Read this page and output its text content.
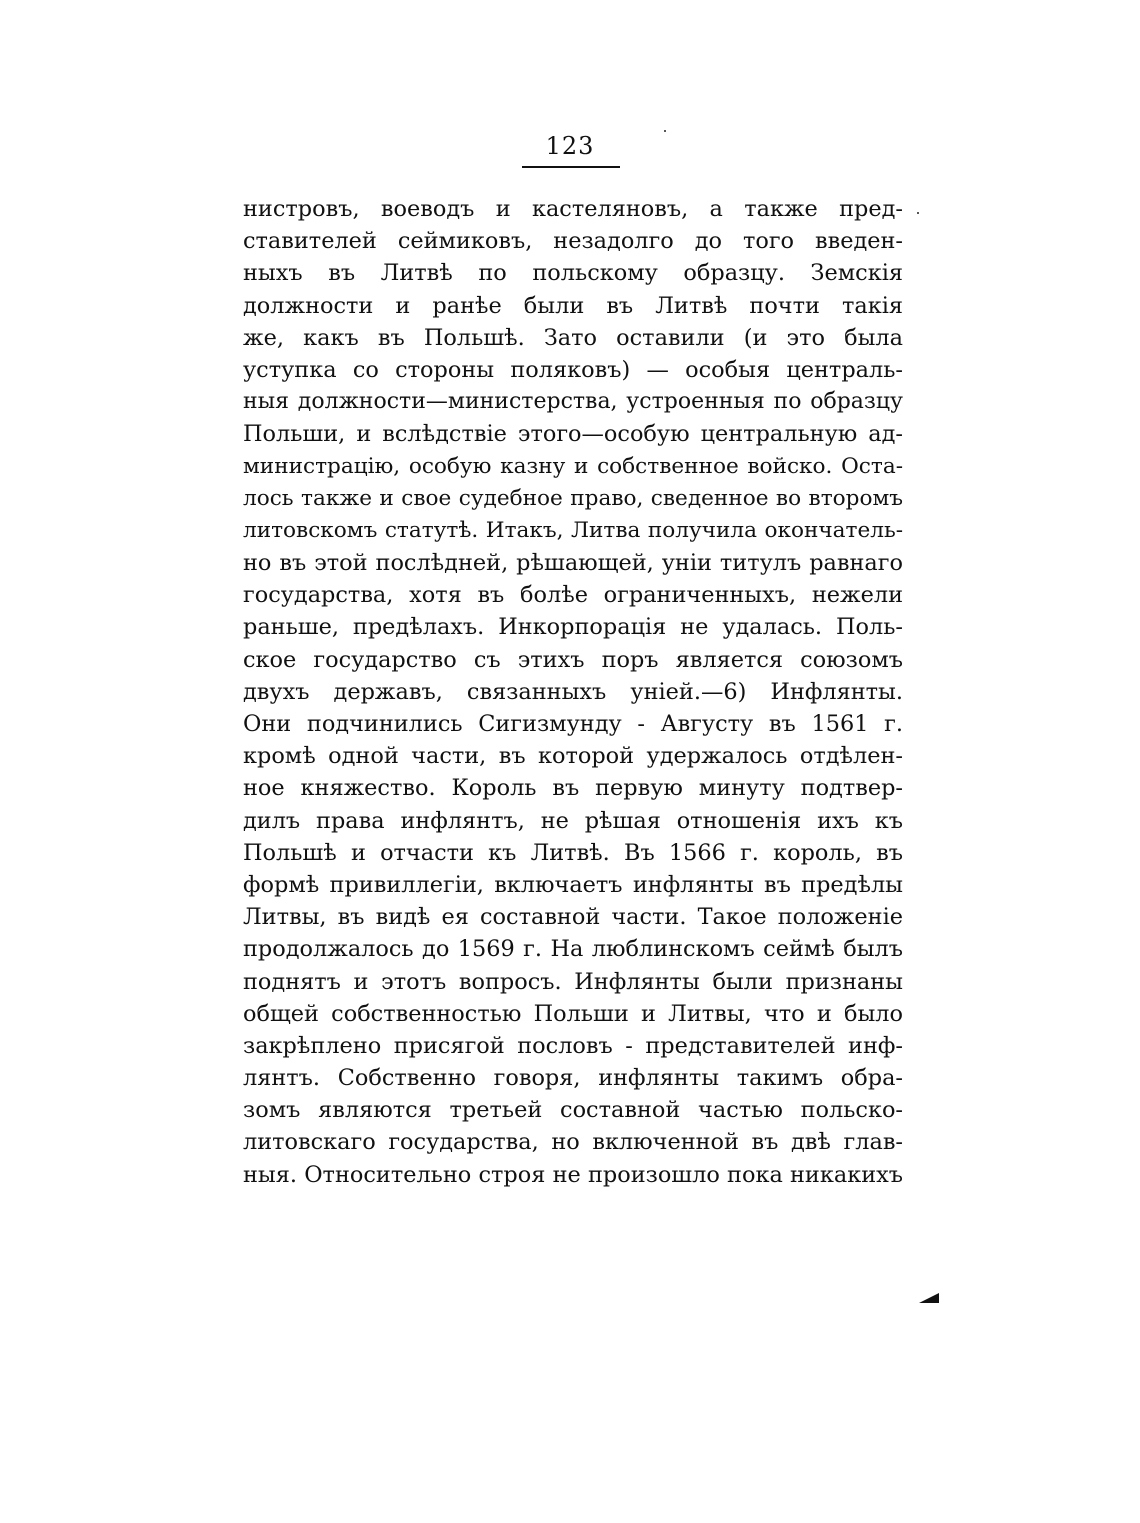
123
нистровъ, воеводъ и кастеляновъ, а также пред-
ставителей сеймиковъ, незадолго до того введен-
ныхъ въ Литвѣ по польскому образцу. Земскія
должности и ранѣе были въ Литвѣ почти такія
же, какъ въ Польшѣ. Зато оставили (и это была
уступка со стороны поляковъ) — особыя централь-
ныя должности—министерства, устроенныя по образцу
Польши, и вслѣдствіе этого—особую центральную ад-
министрацію, особую казну и собственное войско. Оста-
лось также и свое судебное право, сведенное во второмъ
литовскомъ статутѣ. Итакъ, Литва получила окончатель-
но въ этой послѣдней, рѣшающей, уніи титулъ равнаго
государства, хотя въ болѣе ограниченныхъ, нежели
раньше, предѣлахъ. Инкорпорація не удалась. Поль-
ское государство съ этихъ поръ является союзомъ
двухъ державъ, связанныхъ уніей.—6) Инфлянты.
Они подчинились Сигизмунду - Августу въ 1561 г.
кромѣ одной части, въ которой удержалось отдѣлен-
ное княжество. Король въ первую минуту подтвер-
дилъ права инфлянтъ, не рѣшая отношенія ихъ къ
Польшѣ и отчасти къ Литвѣ. Въ 1566 г. король, въ
формѣ привиллегіи, включаетъ инфлянты въ предѣлы
Литвы, въ видѣ ея составной части. Такое положеніе
продолжалось до 1569 г. На люблинскомъ сеймѣ былъ
поднятъ и этотъ вопросъ. Инфлянты были признаны
общей собственностью Польши и Литвы, что и было
закрѣплено присягой пословъ - представителей инф-
лянтъ. Собственно говоря, инфлянты такимъ обра-
зомъ являются третьей составной частью польско-
литовскаго государства, но включенной въ двѣ глав-
ныя. Относительно строя не произошло пока никакихъ
